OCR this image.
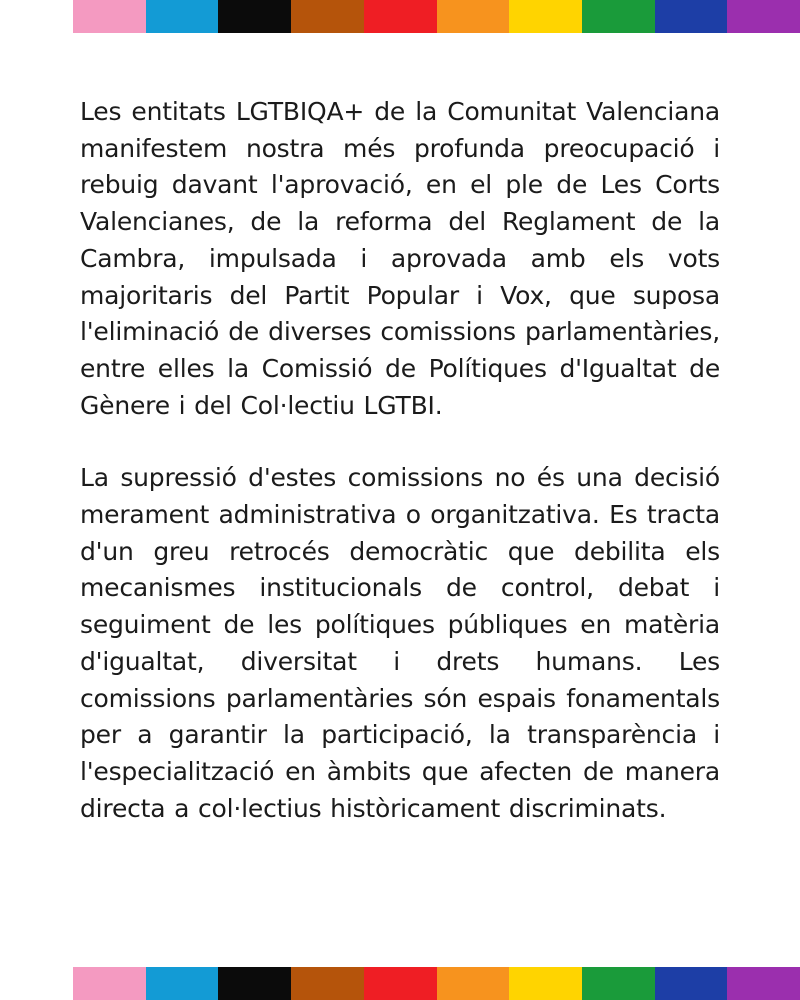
Les entitats LGTBIQA+ de la Comunitat Valenciana manifestem nostra més profunda preocupació i rebuig davant l'aprovació, en el ple de Les Corts Valencianes, de la reforma del Reglament de la Cambra, impulsada i aprovada amb els vots majoritaris del Partit Popular i Vox, que suposa l'eliminació de diverses comissions parlamentàries, entre elles la Comissió de Polítiques d'Igualtat de Gènere i del Col·lectiu LGTBI.

La supressió d'estes comissions no és una decisió merament administrativa o organitzativa. Es tracta d'un greu retrocés democràtic que debilita els mecanismes institucionals de control, debat i seguiment de les polítiques públiques en matèria d'igualtat, diversitat i drets humans. Les comissions parlamentàries són espais fonamentals per a garantir la participació, la transparència i l'especialització en àmbits que afecten de manera directa a col·lectius històricament discriminats.
